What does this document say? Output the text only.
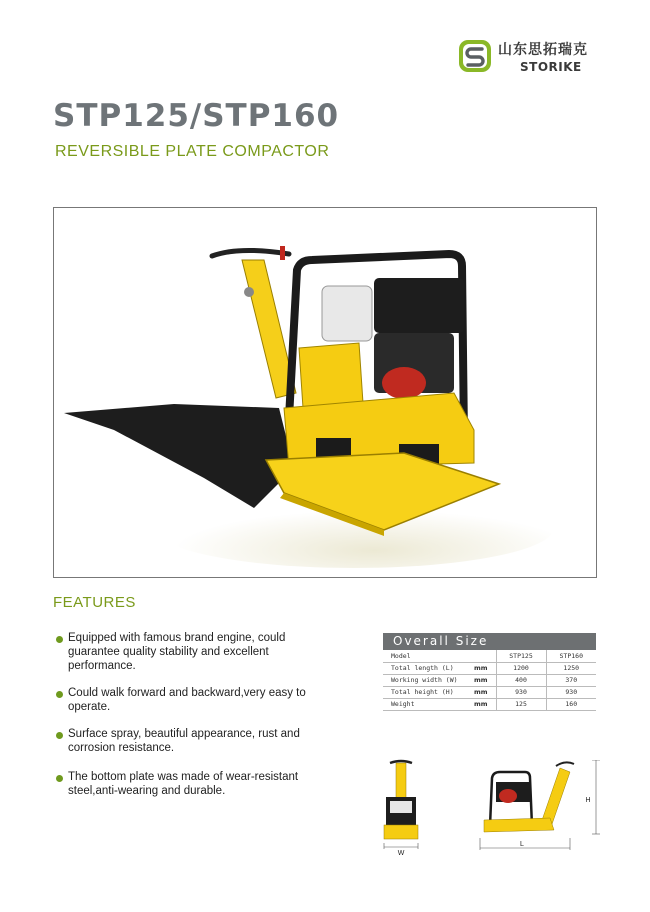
山东思拓瑞克
STORIKE
STP125/STP160
REVERSIBLE PLATE COMPACTOR
FEATURES
Equipped with famous brand engine, could guarantee quality stability and excellent performance.
Could walk forward and backward,very easy to operate.
Surface spray, beautiful appearance, rust and corrosion resistance.
The bottom plate was made of wear-resistant steel,anti-wearing and durable.
Overall Size
Model		STP125	STP160
Total length (L)	mm	1200	1250
Working width (W)	mm	400	370
Total height (H)	mm	930	930
Weight	mm	125	160
W
H
L
